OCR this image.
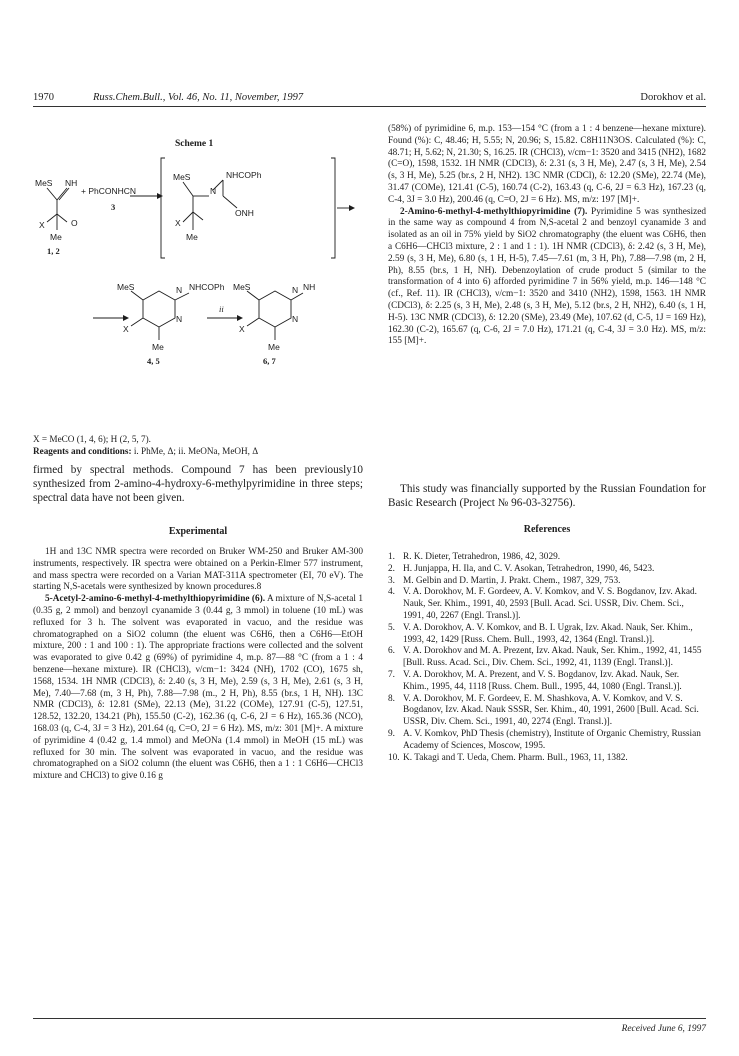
1970	Russ.Chem.Bull., Vol. 46, No. 11, November, 1997	Dorokhov et al.
Scheme 1
MeS NH
O
X
Me
1, 2
+ PhCONHCN
3
MeS
N
NHCOPh
ONH
X
Me
MeS	N NHCOPh
N
X
Me
4, 5
ii
MeS	N NH
N
X
Me
6, 7
X = MeCO (1, 4, 6); H (2, 5, 7).
Reagents and conditions: i. PhMe, Δ; ii. MeONa, MeOH, Δ
firmed by spectral methods. Compound 7 has been previously10 synthesized from 2-amino-4-hydroxy-6-methylpyrimidine in three steps; spectral data have not been given.
Experimental
1H and 13C NMR spectra were recorded on Bruker WM-250 and Bruker AM-300 instruments, respectively. IR spectra were obtained on a Perkin-Elmer 577 instrument, and mass spectra were recorded on a Varian MAT-311A spectrometer (EI, 70 eV). The starting N,S-acetals were synthesized by known procedures.8
5-Acetyl-2-amino-6-methyl-4-methylthiopyrimidine (6). A mixture of N,S-acetal 1 (0.35 g, 2 mmol) and benzoyl cyanamide 3 (0.44 g, 3 mmol) in toluene (10 mL) was refluxed for 3 h. The solvent was evaporated in vacuo, and the residue was chromatographed on a SiO2 column (the eluent was C6H6, then a C6H6—EtOH mixture, 200 : 1 and 100 : 1). The appropriate fractions were collected and the solvent was evaporated to give 0.42 g (69%) of pyrimidine 4, m.p. 87—88 °C (from a 1 : 4 benzene—hexane mixture). IR (CHCl3), ν/cm−1: 3424 (NH), 1702 (CO), 1675 sh, 1568, 1534. 1H NMR (CDCl3), δ: 2.40 (s, 3 H, Me), 2.59 (s, 3 H, Me), 2.61 (s, 3 H, Me), 7.40—7.68 (m, 3 H, Ph), 7.88—7.98 (m., 2 H, Ph), 8.55 (br.s, 1 H, NH). 13C NMR (CDCl3), δ: 12.81 (SMe), 22.13 (Me), 31.22 (COMe), 127.91 (C-5), 127.51, 128.52, 132.20, 134.21 (Ph), 155.50 (C-2), 162.36 (q, C-6, 2J = 6 Hz), 165.36 (NCO), 168.03 (q, C-4, 3J = 3 Hz), 201.64 (q, C=O, 2J = 6 Hz). MS, m/z: 301 [M]+. A mixture of pyrimidine 4 (0.42 g, 1.4 mmol) and MeONa (1.4 mmol) in MeOH (15 mL) was refluxed for 30 min. The solvent was evaporated in vacuo, and the residue was chromatographed on a SiO2 column (the eluent was C6H6, then a 1 : 1 C6H6—CHCl3 mixture and CHCl3) to give 0.16 g
(58%) of pyrimidine 6, m.p. 153—154 °C (from a 1 : 4 benzene—hexane mixture). Found (%): C, 48.46; H, 5.55; N, 20.96; S, 15.82. C8H11N3OS. Calculated (%): C, 48.71; H, 5.62; N, 21.30; S, 16.25. IR (CHCl3), ν/cm−1: 3520 and 3415 (NH2), 1682 (C=O), 1598, 1532. 1H NMR (CDCl3), δ: 2.31 (s, 3 H, Me), 2.47 (s, 3 H, Me), 2.54 (s, 3 H, Me), 5.25 (br.s, 2 H, NH2). 13C NMR (CDCl), δ: 12.20 (SMe), 22.74 (Me), 31.47 (COMe), 121.41 (C-5), 160.74 (C-2), 163.43 (q, C-6, 2J = 6.3 Hz), 167.23 (q, C-4, 3J = 3.0 Hz), 200.46 (q, C=O, 2J = 6 Hz). MS, m/z: 197 [M]+.
2-Amino-6-methyl-4-methylthiopyrimidine (7). Pyrimidine 5 was synthesized in the same way as compound 4 from N,S-acetal 2 and benzoyl cyanamide 3 and isolated as an oil in 75% yield by SiO2 chromatography (the eluent was C6H6, then a C6H6—CHCl3 mixture, 2 : 1 and 1 : 1). 1H NMR (CDCl3), δ: 2.42 (s, 3 H, Me), 2.59 (s, 3 H, Me), 6.80 (s, 1 H, H-5), 7.45—7.61 (m, 3 H, Ph), 7.88—7.98 (m, 2 H, Ph), 8.55 (br.s, 1 H, NH). Debenzoylation of crude product 5 (similar to the transformation of 4 into 6) afforded pyrimidine 7 in 56% yield, m.p. 146—148 °C (cf., Ref. 11). IR (CHCl3), ν/cm−1: 3520 and 3410 (NH2), 1598, 1563. 1H NMR (CDCl3), δ: 2.25 (s, 3 H, Me), 2.48 (s, 3 H, Me), 5.12 (br.s, 2 H, NH2), 6.40 (s, 1 H, H-5). 13C NMR (CDCl3), δ: 12.20 (SMe), 23.49 (Me), 107.62 (d, C-5, 1J = 169 Hz), 162.30 (C-2), 165.67 (q, C-6, 2J = 7.0 Hz), 171.21 (q, C-4, 3J = 3.0 Hz). MS, m/z: 155 [M]+.
This study was financially supported by the Russian Foundation for Basic Research (Project № 96-03-32756).
References
1. R. K. Dieter, Tetrahedron, 1986, 42, 3029.
2. H. Junjappa, H. Ila, and C. V. Asokan, Tetrahedron, 1990, 46, 5423.
3. M. Gelbin and D. Martin, J. Prakt. Chem., 1987, 329, 753.
4. V. A. Dorokhov, M. F. Gordeev, A. V. Komkov, and V. S. Bogdanov, Izv. Akad. Nauk, Ser. Khim., 1991, 40, 2593 [Bull. Acad. Sci. USSR, Div. Chem. Sci., 1991, 40, 2267 (Engl. Transl.)].
5. V. A. Dorokhov, A. V. Komkov, and B. I. Ugrak, Izv. Akad. Nauk, Ser. Khim., 1993, 42, 1429 [Russ. Chem. Bull., 1993, 42, 1364 (Engl. Transl.)].
6. V. A. Dorokhov and M. A. Prezent, Izv. Akad. Nauk, Ser. Khim., 1992, 41, 1455 [Bull. Russ. Acad. Sci., Div. Chem. Sci., 1992, 41, 1139 (Engl. Transl.)].
7. V. A. Dorokhov, M. A. Prezent, and V. S. Bogdanov, Izv. Akad. Nauk, Ser. Khim., 1995, 44, 1118 [Russ. Chem. Bull., 1995, 44, 1080 (Engl. Transl.)].
8. V. A. Dorokhov, M. F. Gordeev, E. M. Shashkova, A. V. Komkov, and V. S. Bogdanov, Izv. Akad. Nauk SSSR, Ser. Khim., 40, 1991, 2600 [Bull. Acad. Sci. USSR, Div. Chem. Sci., 1991, 40, 2274 (Engl. Transl.)].
9. A. V. Komkov, PhD Thesis (chemistry), Institute of Organic Chemistry, Russian Academy of Sciences, Moscow, 1995.
10. K. Takagi and T. Ueda, Chem. Pharm. Bull., 1963, 11, 1382.
Received June 6, 1997
